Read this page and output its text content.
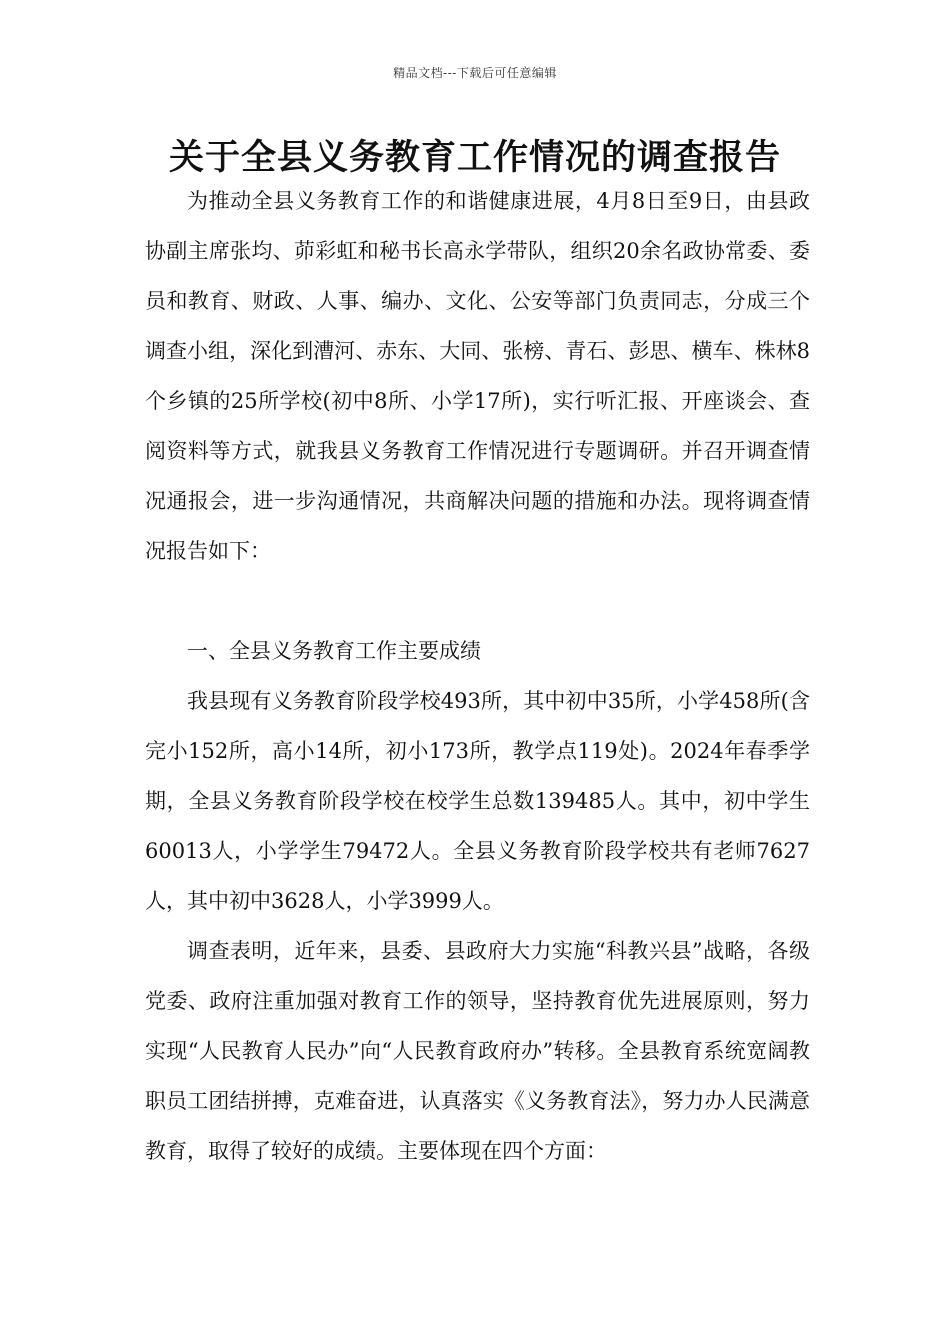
精品文档---下载后可任意编辑
关于全县义务教育工作情况的调查报告

为推动全县义务教育工作的和谐健康进展，4月8日至9日，由县政协副主席张均、茆彩虹和秘书长高永学带队，组织20余名政协常委、委员和教育、财政、人事、编办、文化、公安等部门负责同志，分成三个调查小组，深化到漕河、赤东、大同、张榜、青石、彭思、横车、株林8个乡镇的25所学校(初中8所、小学17所)，实行听汇报、开座谈会、查阅资料等方式，就我县义务教育工作情况进行专题调研。并召开调查情况通报会，进一步沟通情况，共商解决问题的措施和办法。现将调查情况报告如下：

一、全县义务教育工作主要成绩

我县现有义务教育阶段学校493所，其中初中35所，小学458所(含完小152所，高小14所，初小173所，教学点119处)。2024年春季学期，全县义务教育阶段学校在校学生总数139485人。其中，初中学生60013人，小学学生79472人。全县义务教育阶段学校共有老师7627人，其中初中3628人，小学3999人。

调查表明，近年来，县委、县政府大力实施“科教兴县”战略，各级党委、政府注重加强对教育工作的领导，坚持教育优先进展原则，努力实现“人民教育人民办”向“人民教育政府办”转移。全县教育系统宽阔教职员工团结拼搏，克难奋进，认真落实《义务教育法》，努力办人民满意教育，取得了较好的成绩。主要体现在四个方面：
